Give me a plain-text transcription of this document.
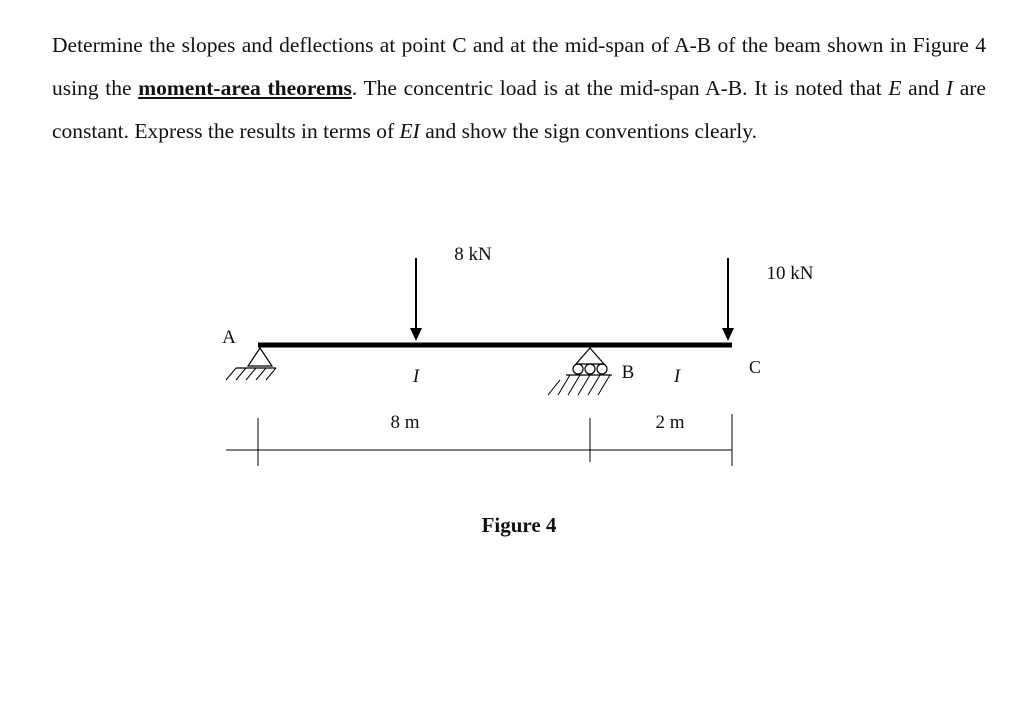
Determine the slopes and deflections at point C and at the mid-span of A-B of the beam shown in Figure 4 using the moment-area theorems. The concentric load is at the mid-span A-B. It is noted that E and I are constant. Express the results in terms of EI and show the sign conventions clearly.
8 kN
10 kN
A
B	C
I	I
8 m	2 m
Figure 4
